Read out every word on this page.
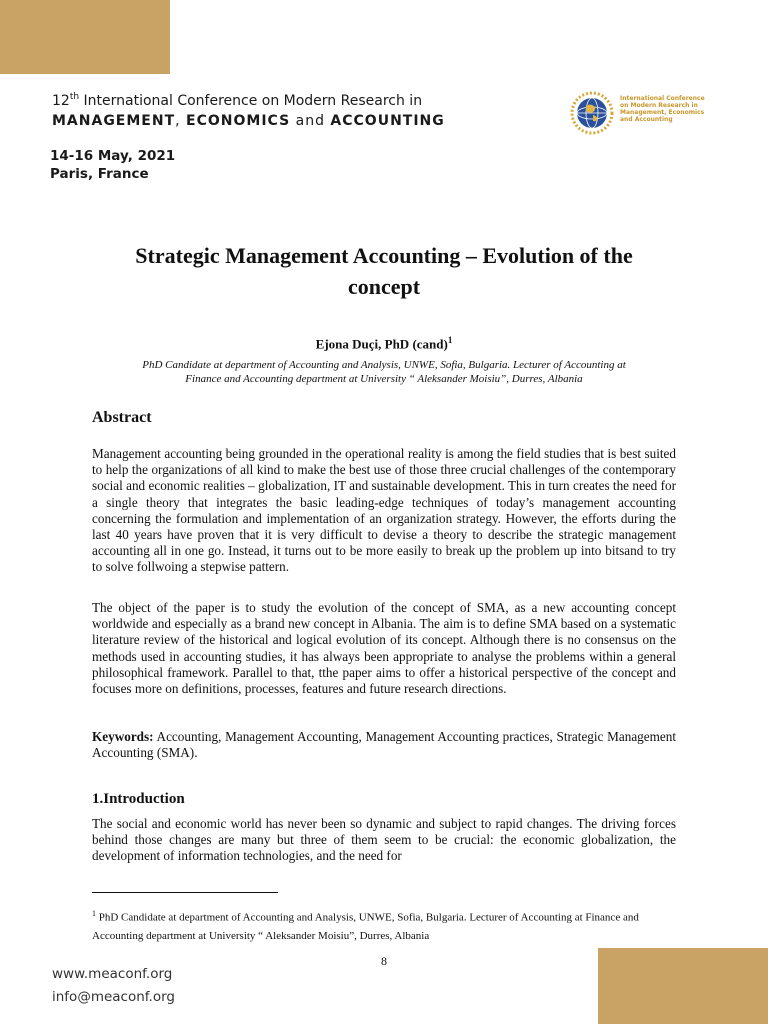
12th International Conference on Modern Research in
MANAGEMENT, ECONOMICS and ACCOUNTING
14-16 May, 2021
Paris, France
International Conference
on Modern Research in
Management, Economics
and Accounting
Strategic Management Accounting – Evolution of the
concept
Ejona Duçi, PhD (cand)$^1$
PhD Candidate at department of Accounting and Analysis, UNWE, Sofia, Bulgaria. Lecturer of Accounting at
Finance and Accounting department at University “ Aleksander Moisiu”, Durres, Albania
Abstract
Management accounting being grounded in the operational reality is among the field studies that is best suited to help the organizations of all kind to make the best use of those three crucial challenges of the contemporary social and economic realities – globalization, IT and sustainable development. This in turn creates the need for a single theory that integrates the basic leading-edge techniques of today’s management accounting concerning the formulation and implementation of an organization strategy. However, the efforts during the last 40 years have proven that it is very difficult to devise a theory to describe the strategic management accounting all in one go. Instead, it turns out to be more easily to break up the problem up into bitsand to try to solve follwoing a stepwise pattern.
The object of the paper is to study the evolution of the concept of SMA, as a new accounting concept worldwide and especially as a brand new concept in Albania. The aim is to define SMA based on a systematic literature review of the historical and logical evolution of its concept. Although there is no consensus on the methods used in accounting studies, it has always been appropriate to analyse the problems within a general philosophical framework. Parallel to that, tthe paper aims to offer a historical perspective of the concept and focuses more on definitions, processes, features and future research directions.
Keywords: Accounting, Management Accounting, Management Accounting practices, Strategic Management Accounting (SMA).
1.Introduction
The social and economic world has never been so dynamic and subject to rapid changes. The driving forces behind those changes are many but three of them seem to be crucial: the economic globalization, the development of information technologies, and the need for
$^1$ PhD Candidate at department of Accounting and Analysis, UNWE, Sofia, Bulgaria. Lecturer of Accounting at Finance and Accounting department at University “ Aleksander Moisiu”, Durres, Albania
8
www.meaconf.org
info@meaconf.org
